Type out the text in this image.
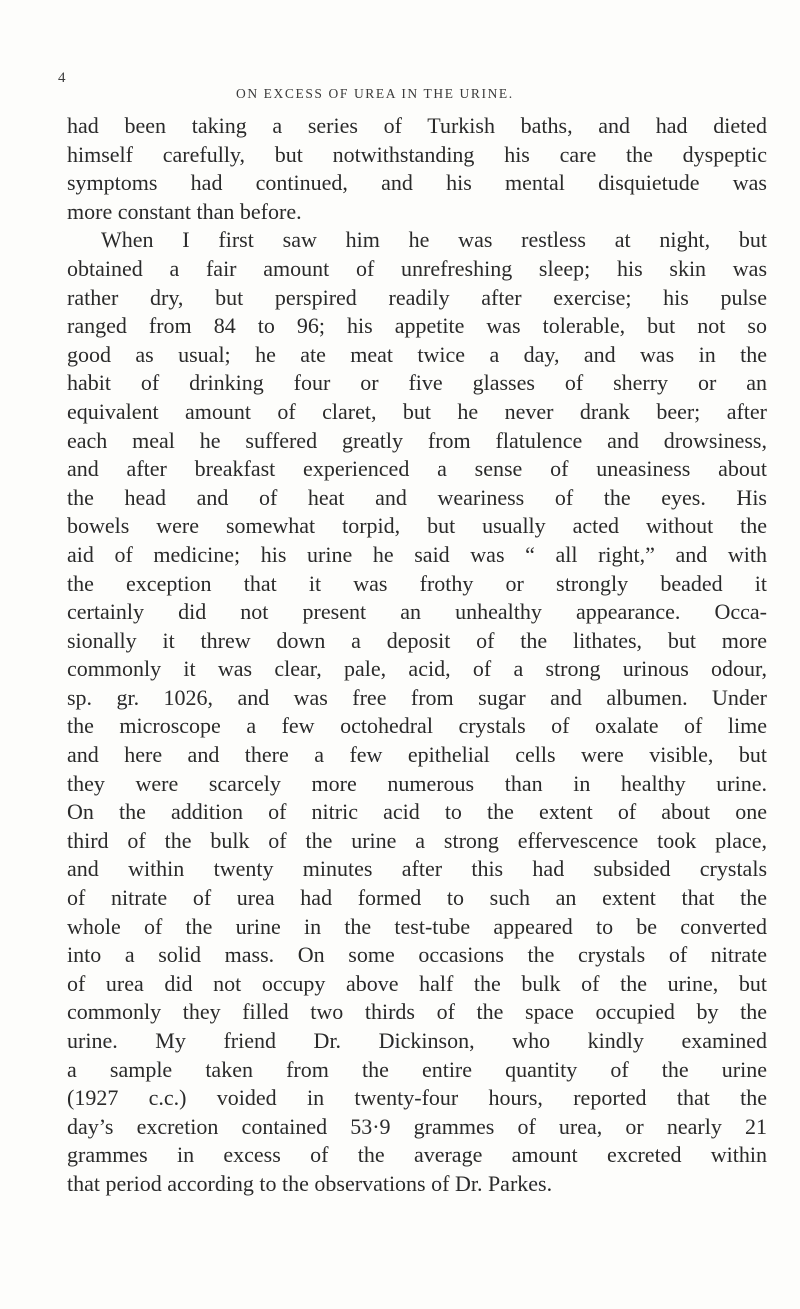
4
ON EXCESS OF UREA IN THE URINE.
had been taking a series of Turkish baths, and had dieted
himself carefully, but notwithstanding his care the dyspeptic
symptoms had continued, and his mental disquietude was
more constant than before.
When I first saw him he was restless at night, but
obtained a fair amount of unrefreshing sleep; his skin was
rather dry, but perspired readily after exercise; his pulse
ranged from 84 to 96; his appetite was tolerable, but not so
good as usual; he ate meat twice a day, and was in the
habit of drinking four or five glasses of sherry or an
equivalent amount of claret, but he never drank beer; after
each meal he suffered greatly from flatulence and drowsiness,
and after breakfast experienced a sense of uneasiness about
the head and of heat and weariness of the eyes. His
bowels were somewhat torpid, but usually acted without the
aid of medicine; his urine he said was “ all right,” and with
the exception that it was frothy or strongly beaded it
certainly did not present an unhealthy appearance. Occa-
sionally it threw down a deposit of the lithates, but more
commonly it was clear, pale, acid, of a strong urinous odour,
sp. gr. 1026, and was free from sugar and albumen. Under
the microscope a few octohedral crystals of oxalate of lime
and here and there a few epithelial cells were visible, but
they were scarcely more numerous than in healthy urine.
On the addition of nitric acid to the extent of about one
third of the bulk of the urine a strong effervescence took place,
and within twenty minutes after this had subsided crystals
of nitrate of urea had formed to such an extent that the
whole of the urine in the test-tube appeared to be converted
into a solid mass. On some occasions the crystals of nitrate
of urea did not occupy above half the bulk of the urine, but
commonly they filled two thirds of the space occupied by the
urine. My friend Dr. Dickinson, who kindly examined
a sample taken from the entire quantity of the urine
(1927 c.c.) voided in twenty-four hours, reported that the
day’s excretion contained 53·9 grammes of urea, or nearly 21
grammes in excess of the average amount excreted within
that period according to the observations of Dr. Parkes.
